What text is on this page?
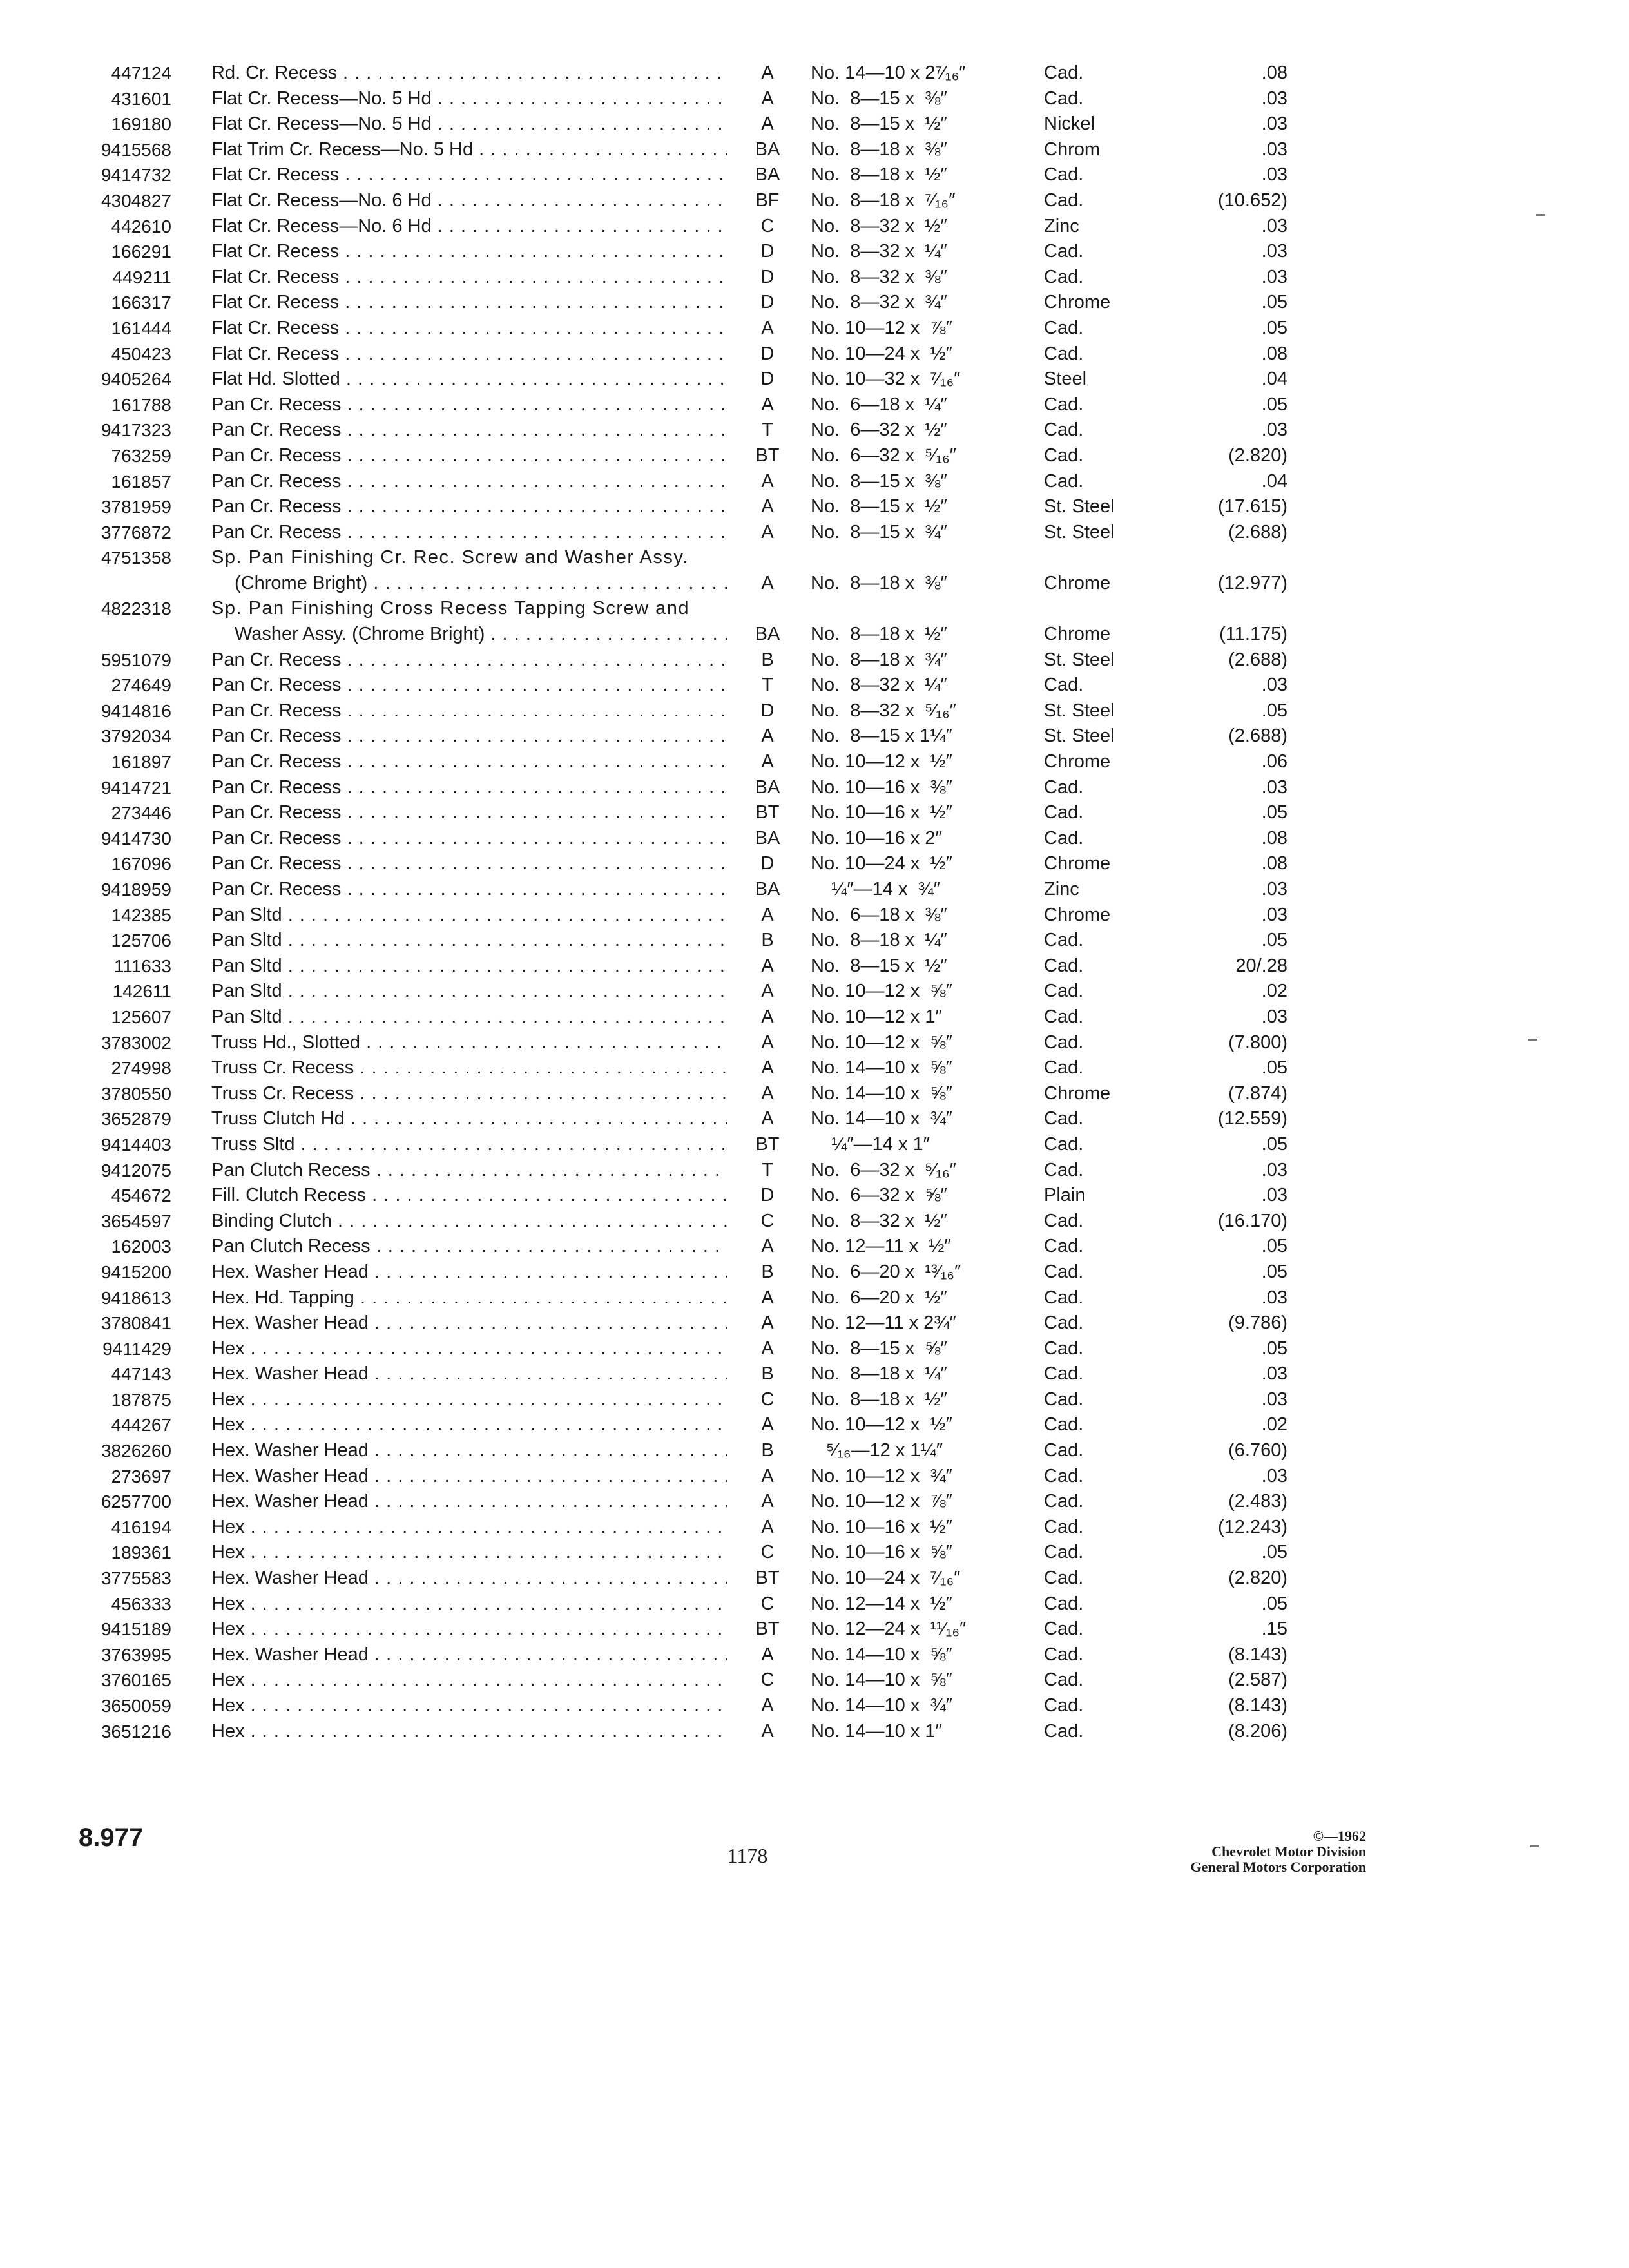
447124 Rd. Cr. Recess . . .	A	No. 14—10 x 2⁷⁄₁₆″	Cad.	.08
431601 Flat Cr. Recess—No. 5 Hd . . .	A	No.  8—15 x  ⅜″	Cad.	.03
169180 Flat Cr. Recess—No. 5 Hd . . .	A	No.  8—15 x  ½″	Nickel	.03
9415568 Flat Trim Cr. Recess—No. 5 Hd . . .	BA	No.  8—18 x  ⅜″	Chrom	.03
9414732 Flat Cr. Recess . . .	BA	No.  8—18 x  ½″	Cad.	.03
4304827 Flat Cr. Recess—No. 6 Hd . . .	BF	No.  8—18 x  ⁷⁄₁₆″	Cad.	(10.652)
442610 Flat Cr. Recess—No. 6 Hd . . .	C	No.  8—32 x  ½″	Zinc	.03
166291 Flat Cr. Recess . . .	D	No.  8—32 x  ¼″	Cad.	.03
449211 Flat Cr. Recess . . .	D	No.  8—32 x  ⅜″	Cad.	.03
166317 Flat Cr. Recess . . .	D	No.  8—32 x  ¾″	Chrome	.05
161444 Flat Cr. Recess . . .	A	No. 10—12 x  ⅞″	Cad.	.05
450423 Flat Cr. Recess . . .	D	No. 10—24 x  ½″	Cad.	.08
9405264 Flat Hd. Slotted . . .	D	No. 10—32 x  ⁷⁄₁₆″	Steel	.04
161788 Pan Cr. Recess . . .	A	No.  6—18 x  ¼″	Cad.	.05
9417323 Pan Cr. Recess . . .	T	No.  6—32 x  ½″	Cad.	.03
763259 Pan Cr. Recess . . .	BT	No.  6—32 x  ⁵⁄₁₆″	Cad.	(2.820)
161857 Pan Cr. Recess . . .	A	No.  8—15 x  ⅜″	Cad.	.04
3781959 Pan Cr. Recess . . .	A	No.  8—15 x  ½″	St. Steel	(17.615)
3776872 Pan Cr. Recess . . .	A	No.  8—15 x  ¾″	St. Steel	(2.688)
4751358 Sp. Pan Finishing Cr. Rec. Screw and Washer Assy.
(Chrome Bright) . . .	A	No.  8—18 x  ⅜″	Chrome	(12.977)
4822318 Sp. Pan Finishing Cross Recess Tapping Screw and
Washer Assy. (Chrome Bright) . . .	BA	No.  8—18 x  ½″	Chrome	(11.175)
5951079 Pan Cr. Recess . . .	B	No.  8—18 x  ¾″	St. Steel	(2.688)
274649 Pan Cr. Recess . . .	T	No.  8—32 x  ¼″	Cad.	.03
9414816 Pan Cr. Recess . . .	D	No.  8—32 x  ⁵⁄₁₆″	St. Steel	.05
3792034 Pan Cr. Recess . . .	A	No.  8—15 x 1¼″	St. Steel	(2.688)
161897 Pan Cr. Recess . . .	A	No. 10—12 x  ½″	Chrome	.06
9414721 Pan Cr. Recess . . .	BA	No. 10—16 x  ⅜″	Cad.	.03
273446 Pan Cr. Recess . . .	BT	No. 10—16 x  ½″	Cad.	.05
9414730 Pan Cr. Recess . . .	BA	No. 10—16 x 2″	Cad.	.08
167096 Pan Cr. Recess . . .	D	No. 10—24 x  ½″	Chrome	.08
9418959 Pan Cr. Recess . . .	BA	¼″—14 x  ¾″	Zinc	.03
142385 Pan Sltd . . .	A	No.  6—18 x  ⅜″	Chrome	.03
125706 Pan Sltd . . .	B	No.  8—18 x  ¼″	Cad.	.05
111633 Pan Sltd . . .	A	No.  8—15 x  ½″	Cad.	20/.28
142611 Pan Sltd . . .	A	No. 10—12 x  ⅝″	Cad.	.02
125607 Pan Sltd . . .	A	No. 10—12 x 1″	Cad.	.03
3783002 Truss Hd., Slotted . . .	A	No. 10—12 x  ⅝″	Cad.	(7.800)
274998 Truss Cr. Recess . . .	A	No. 14—10 x  ⅝″	Cad.	.05
3780550 Truss Cr. Recess . . .	A	No. 14—10 x  ⅝″	Chrome	(7.874)
3652879 Truss Clutch Hd . . .	A	No. 14—10 x  ¾″	Cad.	(12.559)
9414403 Truss Sltd . . .	BT	¼″—14 x 1″	Cad.	.05
9412075 Pan Clutch Recess . . .	T	No.  6—32 x  ⁵⁄₁₆″	Cad.	.03
454672 Fill. Clutch Recess . . .	D	No.  6—32 x  ⅝″	Plain	.03
3654597 Binding Clutch . . .	C	No.  8—32 x  ½″	Cad.	(16.170)
162003 Pan Clutch Recess . . .	A	No. 12—11 x  ½″	Cad.	.05
9415200 Hex. Washer Head . . .	B	No.  6—20 x  ¹³⁄₁₆″	Cad.	.05
9418613 Hex. Hd. Tapping . . .	A	No.  6—20 x  ½″	Cad.	.03
3780841 Hex. Washer Head . . .	A	No. 12—11 x 2¾″	Cad.	(9.786)
9411429 Hex . . .	A	No.  8—15 x  ⅝″	Cad.	.05
447143 Hex. Washer Head . . .	B	No.  8—18 x  ¼″	Cad.	.03
187875 Hex . . .	C	No.  8—18 x  ½″	Cad.	.03
444267 Hex . . .	A	No. 10—12 x  ½″	Cad.	.02
3826260 Hex. Washer Head . . .	B	⁵⁄₁₆—12 x 1¼″	Cad.	(6.760)
273697 Hex. Washer Head . . .	A	No. 10—12 x  ¾″	Cad.	.03
6257700 Hex. Washer Head . . .	A	No. 10—12 x  ⅞″	Cad.	(2.483)
416194 Hex . . .	A	No. 10—16 x  ½″	Cad.	(12.243)
189361 Hex . . .	C	No. 10—16 x  ⅝″	Cad.	.05
3775583 Hex. Washer Head . . .	BT	No. 10—24 x  ⁷⁄₁₆″	Cad.	(2.820)
456333 Hex . . .	C	No. 12—14 x  ½″	Cad.	.05
9415189 Hex . . .	BT	No. 12—24 x  ¹¹⁄₁₆″	Cad.	.15
3763995 Hex. Washer Head . . .	A	No. 14—10 x  ⅝″	Cad.	(8.143)
3760165 Hex . . .	C	No. 14—10 x  ⅝″	Cad.	(2.587)
3650059 Hex . . .	A	No. 14—10 x  ¾″	Cad.	(8.143)
3651216 Hex . . .	A	No. 14—10 x 1″	Cad.	(8.206)
8.977
1178
©—1962
Chevrolet Motor Division
General Motors Corporation
